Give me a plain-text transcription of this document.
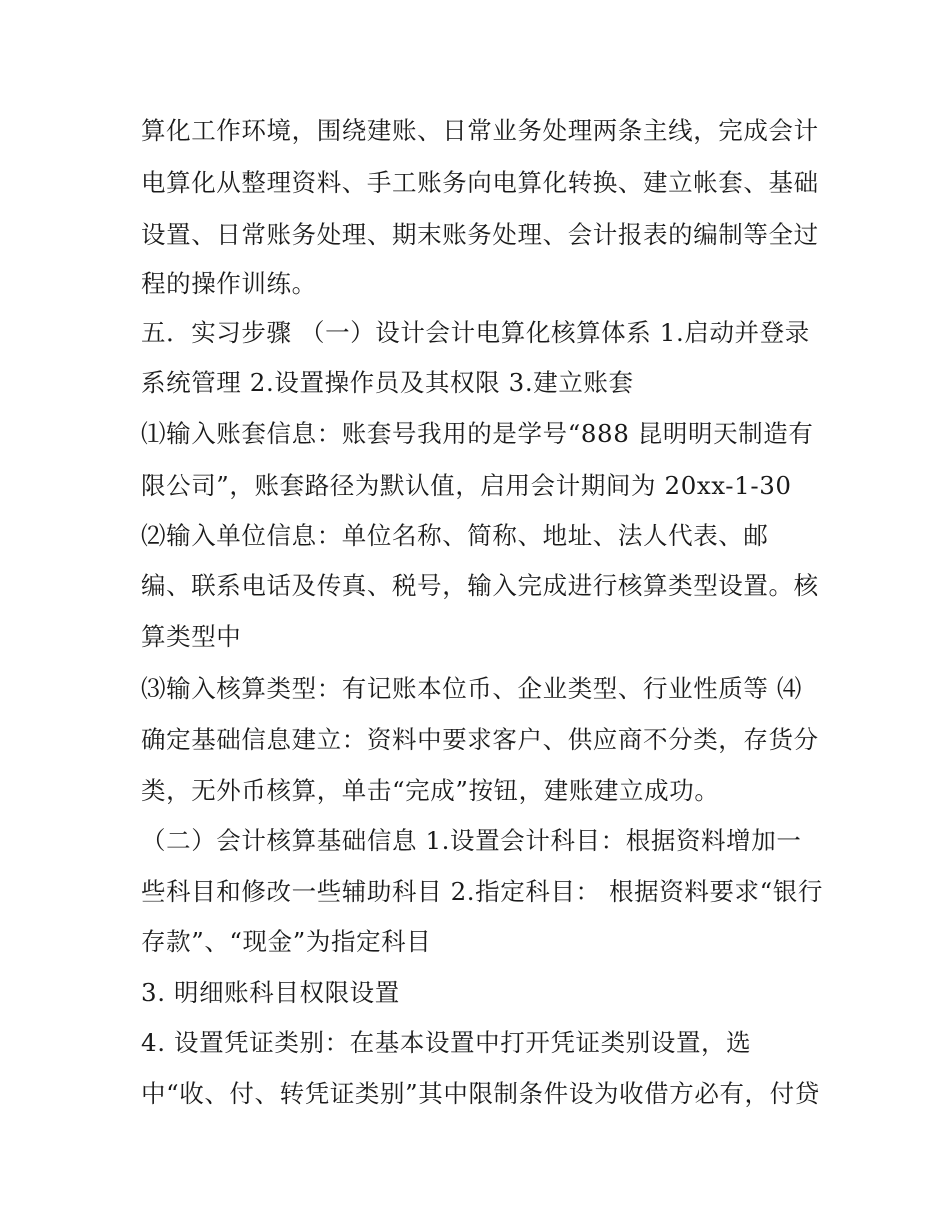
算化工作环境，围绕建账、日常业务处理两条主线，完成会计
电算化从整理资料、手工账务向电算化转换、建立帐套、基础
设置、日常账务处理、期末账务处理、会计报表的编制等全过
程的操作训练。
五．实习步骤 （一）设计会计电算化核算体系 1.启动并登录
系统管理 2.设置操作员及其权限 3.建立账套
⑴输入账套信息：账套号我用的是学号“888 昆明明天制造有
限公司”，账套路径为默认值，启用会计期间为 20xx-1-30
⑵输入单位信息：单位名称、简称、地址、法人代表、邮
编、联系电话及传真、税号，输入完成进行核算类型设置。核
算类型中
⑶输入核算类型：有记账本位币、企业类型、行业性质等 ⑷
确定基础信息建立：资料中要求客户、供应商不分类，存货分
类，无外币核算，单击“完成”按钮，建账建立成功。
（二）会计核算基础信息 1.设置会计科目：根据资料增加一
些科目和修改一些辅助科目 2.指定科目： 根据资料要求“银行
存款”、“现金”为指定科目
3. 明细账科目权限设置
4. 设置凭证类别：在基本设置中打开凭证类别设置，选
中“收、付、转凭证类别”其中限制条件设为收借方必有，付贷
